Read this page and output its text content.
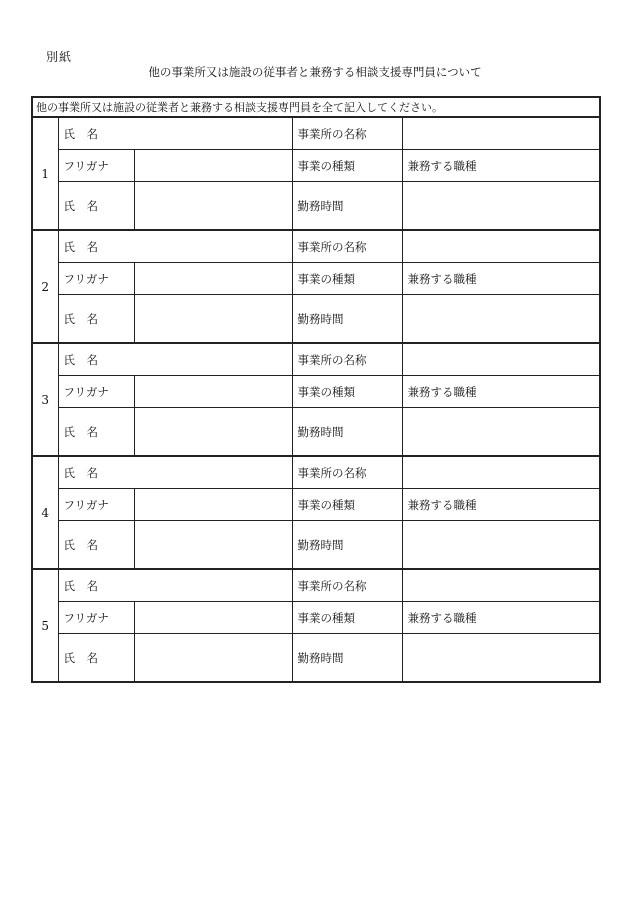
別紙
他の事業所又は施設の従事者と兼務する相談支援専門員について
他の事業所又は施設の従業者と兼務する相談支援専門員を全て記入してください。				
1	氏　名		事業所の名称	
	フリガナ		事業の種類	兼務する職種
	氏　名		勤務時間	
2	氏　名		事業所の名称	
	フリガナ		事業の種類	兼務する職種
	氏　名		勤務時間	
3	氏　名		事業所の名称	
	フリガナ		事業の種類	兼務する職種
	氏　名		勤務時間	
4	氏　名		事業所の名称	
	フリガナ		事業の種類	兼務する職種
	氏　名		勤務時間	
5	氏　名		事業所の名称	
	フリガナ		事業の種類	兼務する職種
	氏　名		勤務時間	
